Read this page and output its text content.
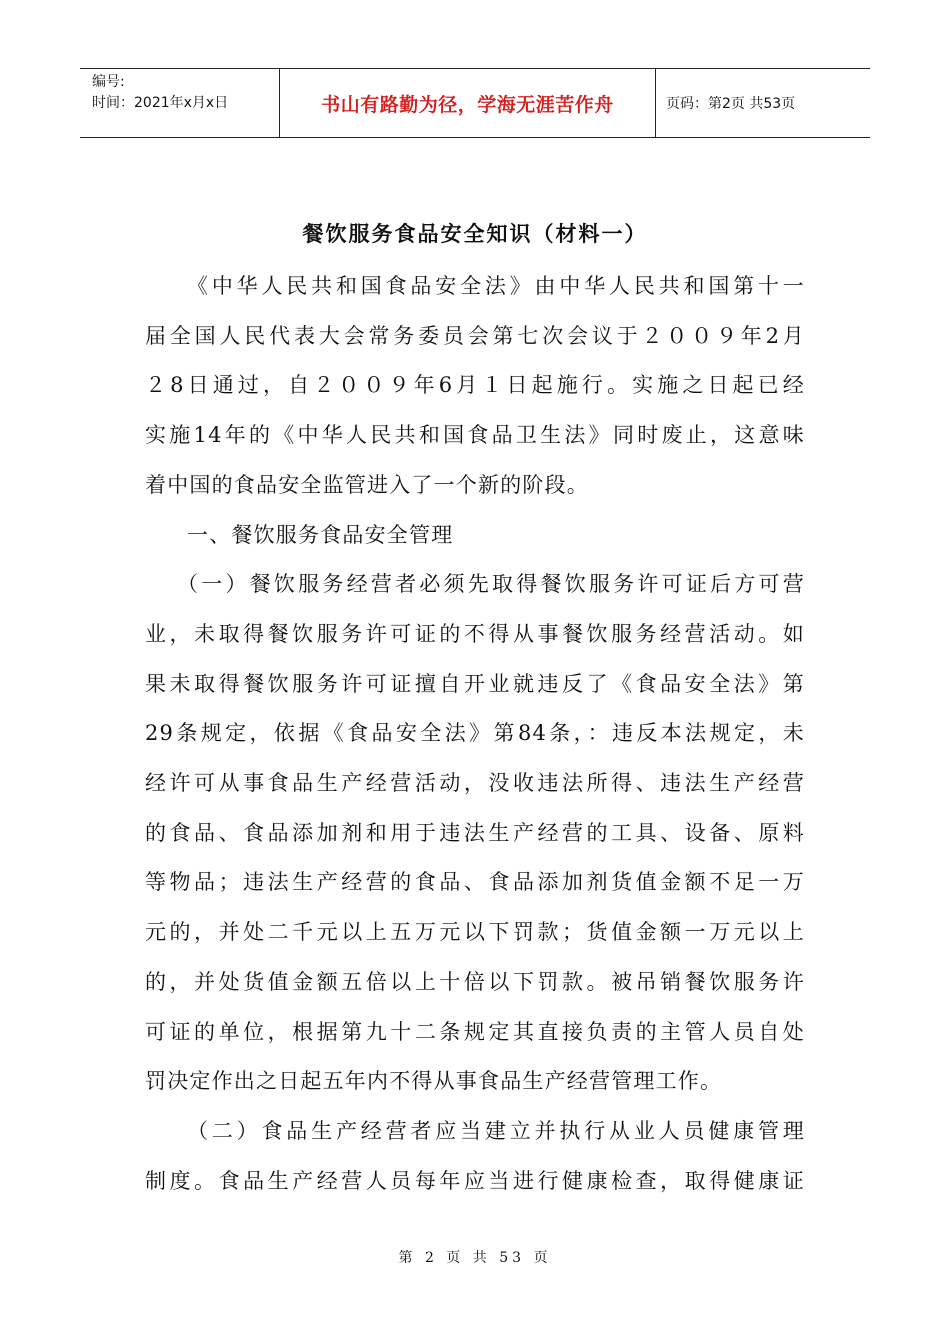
编号:
时间：2021年x月x日	书山有路勤为径，学海无涯苦作舟	页码：第2页 共53页
餐饮服务食品安全知识（材料一）

《中华人民共和国食品安全法》由中华人民共和国第十一
届全国人民代表大会常务委员会第七次会议于２００９年2月
２8日通过，自２００９年6月１日起施行。实施之日起已经
实施14年的《中华人民共和国食品卫生法》同时废止，这意味
着中国的食品安全监管进入了一个新的阶段。

一、餐饮服务食品安全管理

（一）餐饮服务经营者必须先取得餐饮服务许可证后方可营
业，未取得餐饮服务许可证的不得从事餐饮服务经营活动。如
果未取得餐饮服务许可证擅自开业就违反了《食品安全法》第
29条规定，依据《食品安全法》第84条，：违反本法规定，未
经许可从事食品生产经营活动，没收违法所得、违法生产经营
的食品、食品添加剂和用于违法生产经营的工具、设备、原料
等物品；违法生产经营的食品、食品添加剂货值金额不足一万
元的，并处二千元以上五万元以下罚款；货值金额一万元以上
的，并处货值金额五倍以上十倍以下罚款。被吊销餐饮服务许
可证的单位，根据第九十二条规定其直接负责的主管人员自处
罚决定作出之日起五年内不得从事食品生产经营管理工作。

（二）食品生产经营者应当建立并执行从业人员健康管理
制度。食品生产经营人员每年应当进行健康检查，取得健康证

第 2 页 共 53 页
